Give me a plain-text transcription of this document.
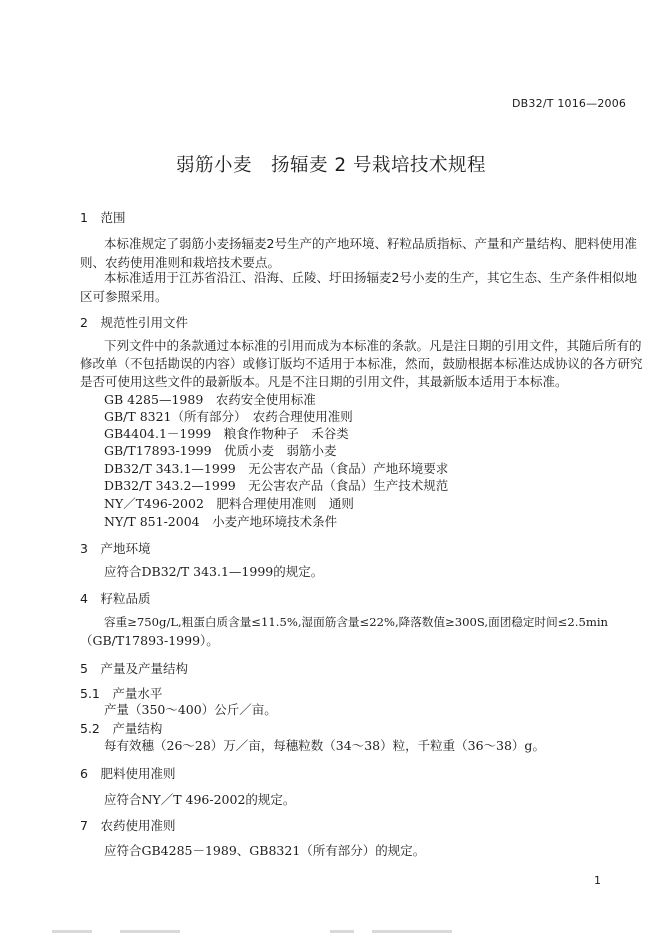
DB32/T 1016—2006
弱筋小麦　扬辐麦 2 号栽培技术规程
1　范围
本标准规定了弱筋小麦扬辐麦2号生产的产地环境、籽粒品质指标、产量和产量结构、肥料使用准
则、农药使用准则和栽培技术要点。
本标准适用于江苏省沿江、沿海、丘陵、圩田扬辐麦2号小麦的生产，其它生态、生产条件相似地
区可参照采用。
2　规范性引用文件
下列文件中的条款通过本标准的引用而成为本标准的条款。凡是注日期的引用文件，其随后所有的
修改单（不包括勘误的内容）或修订版均不适用于本标准，然而，鼓励根据本标准达成协议的各方研究
是否可使用这些文件的最新版本。凡是不注日期的引用文件，其最新版本适用于本标准。
GB 4285—1989　农药安全使用标准
GB/T 8321（所有部分）　农药合理使用准则
GB4404.1－1999　粮食作物种子　禾谷类
GB/T17893-1999　优质小麦　弱筋小麦
DB32/T 343.1—1999　无公害农产品（食品）产地环境要求
DB32/T 343.2—1999　无公害农产品（食品）生产技术规范
NY／T496-2002　肥料合理使用准则　通则
NY/T 851-2004　小麦产地环境技术条件
3　产地环境
应符合DB32/T 343.1—1999的规定。
4　籽粒品质
容重≥750g/L,粗蛋白质含量≤11.5%,湿面筋含量≤22%,降落数值≥300S,面团稳定时间≤2.5min
（GB/T17893-1999）。
5　产量及产量结构
5.1　产量水平
产量（350～400）公斤／亩。
5.2　产量结构
每有效穗（26～28）万／亩，每穗粒数（34～38）粒，千粒重（36～38）g。
6　肥料使用准则
应符合NY／T 496-2002的规定。
7　农药使用准则
应符合GB4285－1989、GB8321（所有部分）的规定。
1
